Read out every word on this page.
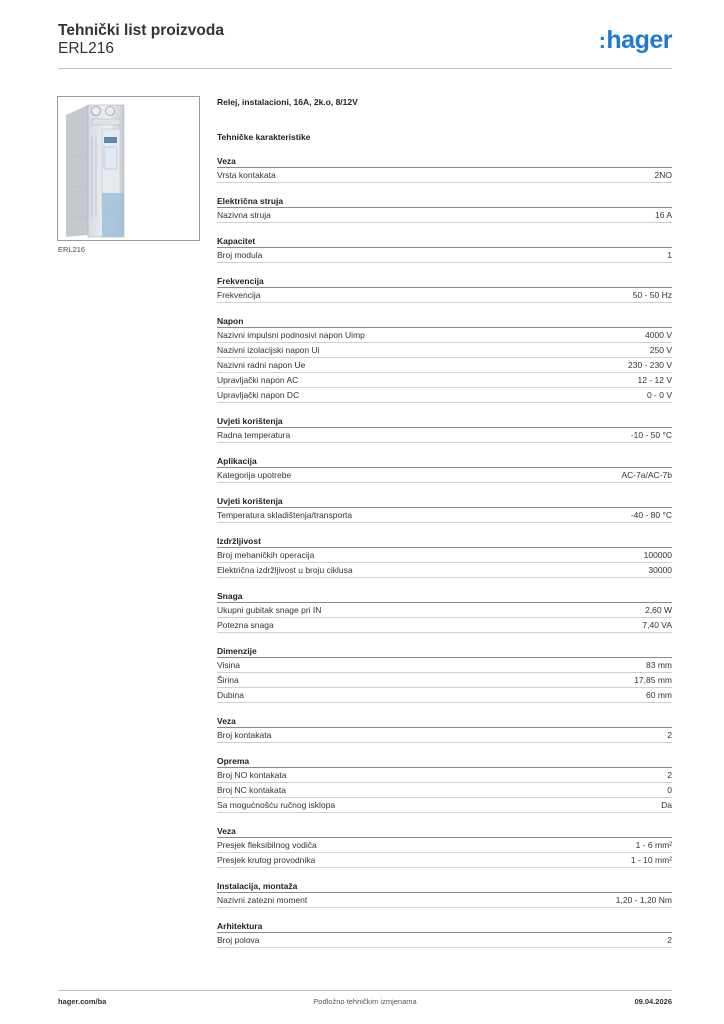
Tehnički list proizvoda
ERL216	:hager
ERL216
Relej, instalacioni, 16A, 2k.o, 8/12V
Tehničke karakteristike
Veza
Vrsta kontakata	2NO
Električna struja
Nazivna struja	16 A
Kapacitet
Broj modula	1
Frekvencija
Frekvencija	50 - 50 Hz
Napon
Nazivni impulsni podnosivi napon Uimp	4000 V
Nazivni izolacijski napon Ui	250 V
Nazivni radni napon Ue	230 - 230 V
Upravljački napon AC	12 - 12 V
Upravljački napon DC	0 - 0 V
Uvjeti korištenja
Radna temperatura	-10 - 50 °C
Aplikacija
Kategorija upotrebe	AC-7a/AC-7b
Uvjeti korištenja
Temperatura skladištenja/transporta	-40 - 80 °C
Izdržljivost
Broj mehaničkih operacija	100000
Električna izdržljivost u broju ciklusa	30000
Snaga
Ukupni gubitak snage pri IN	2,60 W
Potezna snaga	7,40 VA
Dimenzije
Visina	83 mm
Širina	17,85 mm
Dubina	60 mm
Veza
Broj kontakata	2
Oprema
Broj NO kontakata	2
Broj NC kontakata	0
Sa mogućnošću ručnog isklopa	Da
Veza
Presjek fleksibilnog vodiča	1 - 6 mm²
Presjek krutog provodnika	1 - 10 mm²
Instalacija, montaža
Nazivni zatezni moment	1,20 - 1,20 Nm
Arhitektura
Broj polova	2
hager.com/ba	Podložno tehničkim izmjenama	09.04.2026
